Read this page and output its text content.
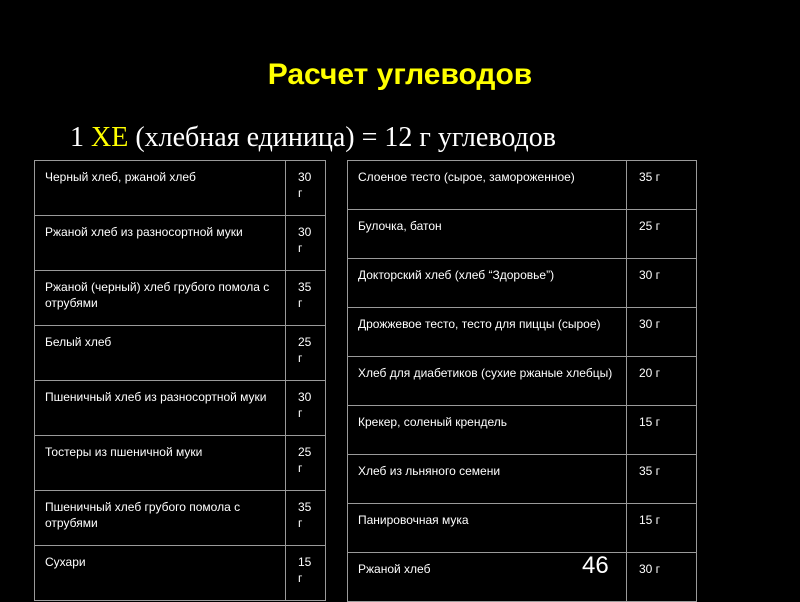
Расчет углеводов
1 ХЕ (хлебная единица) = 12 г углеводов
Черный хлеб, ржаной хлеб	30 г
Ржаной хлеб из разносортной муки	30 г
Ржаной (черный) хлеб грубого помола с отрубями	35 г
Белый хлеб	25 г
Пшеничный хлеб из разносортной муки	30 г
Тостеры из пшеничной муки	25 г
Пшеничный хлеб грубого помола с отрубями	35 г
Сухари	15 г
Слоеное тесто (сырое, замороженное)	35 г
Булочка, батон	25 г
Докторский хлеб (хлеб “Здоровье”)	30 г
Дрожжевое тесто, тесто для пиццы (сырое)	30 г
Хлеб для диабетиков (сухие ржаные хлебцы)	20 г
Крекер, соленый крендель	15 г
Хлеб из льняного семени	35 г
Панировочная мука	15 г
Ржаной хлеб	30 г
46
